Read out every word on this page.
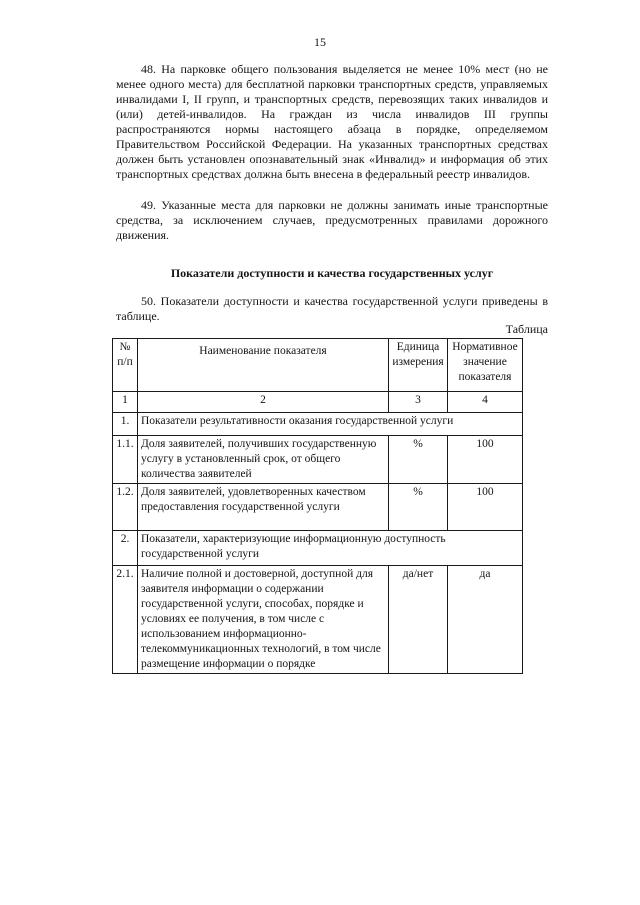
15

48. На парковке общего пользования выделяется не менее 10% мест (но не менее одного места) для бесплатной парковки транспортных средств, управляемых инвалидами I, II групп, и транспортных средств, перевозящих таких инвалидов и (или) детей-инвалидов. На граждан из числа инвалидов III группы распространяются нормы настоящего абзаца в порядке, определяемом Правительством Российской Федерации. На указанных транспортных средствах должен быть установлен опознавательный знак «Инвалид» и информация об этих транспортных средствах должна быть внесена в федеральный реестр инвалидов.

49. Указанные места для парковки не должны занимать иные транспортные средства, за исключением случаев, предусмотренных правилами дорожного движения.

Показатели доступности и качества государственных услуг

50. Показатели доступности и качества государственной услуги приведены в таблице.

Таблица
№ п/п	Наименование показателя	Единица измерения	Нормативное значение показателя
1	2	3	4
1.	Показатели результативности оказания государственной услуги		
1.1.	Доля заявителей, получивших государственную услугу в установленный срок, от общего количества заявителей	%	100
1.2.	Доля заявителей, удовлетворенных качеством предоставления государственной услуги	%	100
2.	Показатели, характеризующие информационную доступность государственной услуги		
2.1.	Наличие полной и достоверной, доступной для заявителя информации о содержании государственной услуги, способах, порядке и условиях ее получения, в том числе с использованием информационно-телекоммуникационных технологий, в том числе размещение информации о порядке	да/нет	да
